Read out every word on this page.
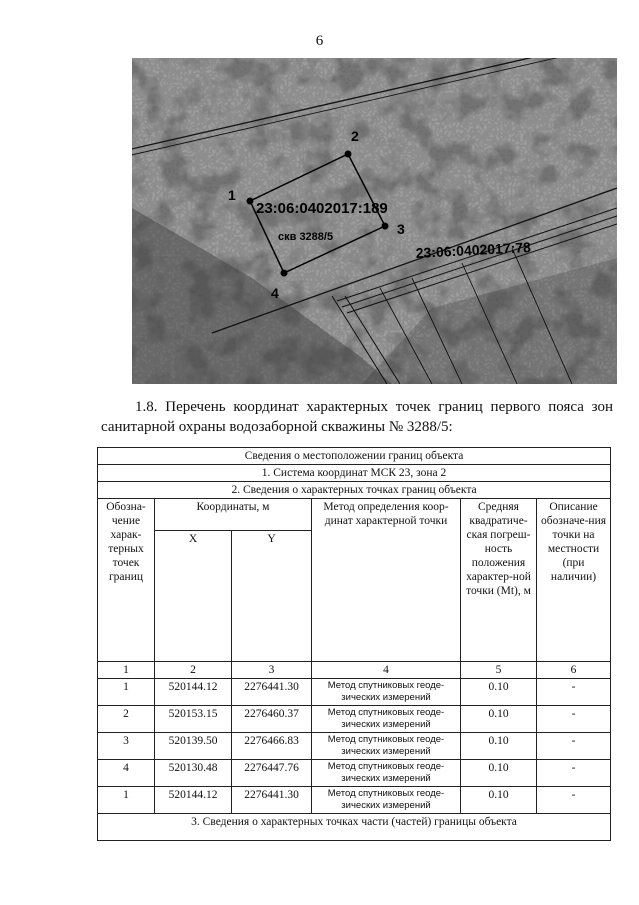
6
1
2
3
4
23:06:0402017:189
скв 3288/5
23:06:0402017:78
1.8. Перечень координат характерных точек границ первого пояса зон санитарной охраны водозаборной скважины № 3288/5:
Сведения о местоположении границ объекта					
1. Система координат МСК 23, зона 2					
2. Сведения о характерных точках границ объекта					
Обозна-чение харак-терных точек границ	Координаты, м		Метод определения коор-динат характерной точки	Средняя квадратиче-ская погреш-ность положения характер-ной точки (Mt), м	Описание обозначе-ния точки на местности (при наличии)
	X	Y			
1	2	3	4	5	6
1	520144.12	2276441.30	Метод спутниковых геоде-зических измерений	0.10	-
2	520153.15	2276460.37	Метод спутниковых геоде-зических измерений	0.10	-
3	520139.50	2276466.83	Метод спутниковых геоде-зических измерений	0.10	-
4	520130.48	2276447.76	Метод спутниковых геоде-зических измерений	0.10	-
1	520144.12	2276441.30	Метод спутниковых геоде-зических измерений	0.10	-
3. Сведения о характерных точках части (частей) границы объекта					
